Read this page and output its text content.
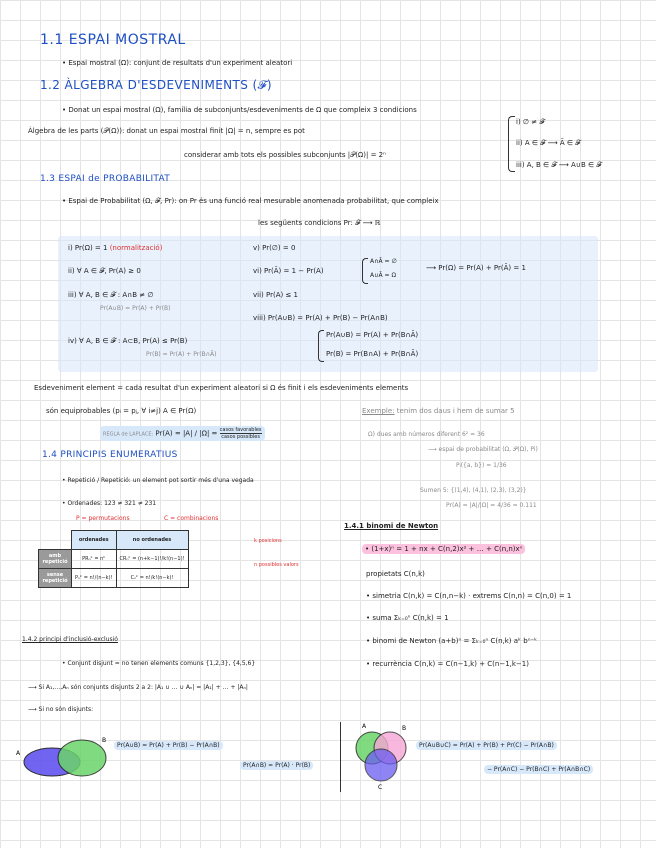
1.1 ESPAI MOSTRAL
• Espai mostral (Ω): conjunt de resultats d'un experiment aleatori
1.2 ÀLGEBRA D'ESDEVENIMENTS (𝓕)
• Donat un espai mostral (Ω), família de subconjunts/esdeveniments de Ω que compleix 3 condicions
Àlgebra de les parts (𝒫(Ω)): donat un espai mostral finit |Ω| = n, sempre es pot
considerar amb tots els possibles subconjunts |𝒫(Ω)| = 2ⁿ
i) ∅ ≠ 𝓕
ii) A ∈ 𝓕 ⟶ Ā ∈ 𝓕
iii) A, B ∈ 𝓕 ⟶ A∪B ∈ 𝓕
1.3 ESPAI de PROBABILITAT
• Espai de Probabilitat (Ω, 𝓕, Pr): on Pr és una funció real mesurable anomenada probabilitat, que compleix
les següents condicions Pr: 𝓕 ⟶ ℝ
i) Pr(Ω) = 1 (normalització)
ii) ∀ A ∈ 𝓕, Pr(A) ≥ 0
iii) ∀ A, B ∈ 𝓕 : A∩B ≠ ∅
Pr(A∪B) = Pr(A) + Pr(B)
iv) ∀ A, B ∈ 𝓕 : A⊂B, Pr(A) ≤ Pr(B)
Pr(B) = Pr(A) + Pr(B∩Ā)
v) Pr(∅) = 0
vi) Pr(Ā) = 1 − Pr(A)
A∩Ā = ∅
A∪Ā = Ω
⟶ Pr(Ω) = Pr(A) + Pr(Ā) = 1
vii) Pr(A) ≤ 1
viii) Pr(A∪B) = Pr(A) + Pr(B) − Pr(A∩B)
Pr(A∪B) = Pr(A) + Pr(B∩Ā)
Pr(B) = Pr(B∩A) + Pr(B∩Ā)
Esdeveniment element = cada resultat d'un experiment aleatori si Ω és finit i els esdeveniments elements
són equiprobables (pᵢ = pⱼ, ∀ i≠j) A ∈ Pr(Ω)
REGLA de LAPLACE: Pr(A) = |A| / |Ω| = casos favorables
casos possibles
Exemple: tenim dos daus i hem de sumar 5
Ω) dues amb números diferent 6² = 36
⟶ espai de probabilitat (Ω, 𝒫(Ω), Pi)
Pᵢ({a, b}) = 1/36
Sumen 5: {(1,4), (4,1), (2,3), (3,2)}
Pr(A) = |A|/|Ω| = 4/36 = 0.111
1.4 PRINCIPIS ENUMERATIUS
• Repetició / Repetició: un element pot sortir més d'una vegada
• Ordenades: 123 ≠ 321 ≠ 231
P = permutacions	C = combinacions
	ordenades	no ordenades
amb repetició	PRₙᵏ = nᵏ	CRₙᵏ = (n+k−1)!/k!(n−1)!
sense repetició	Pₙᵏ = n!/(n−k)!	Cₙᵏ = n!/k!(n−k)!
k posicions
n possibles valors
1.4.1 binomi de Newton
• (1+x)ⁿ = 1 + nx + C(n,2)x² + … + C(n,n)xⁿ
propietats C(n,k)
• simetria C(n,k) = C(n,n−k) · extrems C(n,n) = C(n,0) = 1
• suma Σₖ₌₀ⁿ C(n,k) = 1
• binomi de Newton (a+b)ⁿ = Σₖ₌₀ⁿ C(n,k) aᵏ bⁿ⁻ᵏ
• recurrència C(n,k) = C(n−1,k) + C(n−1,k−1)
1.4.2 principi d'inclusió-exclusió
• Conjunt disjunt = no tenen elements comuns {1,2,3}, {4,5,6}
⟶ Si A₁,…,Aₙ són conjunts disjunts 2 a 2: |A₁ ∪ … ∪ Aₙ| = |A₁| + … + |Aₙ|
⟶ Si no són disjunts:
A
B
Pr(A∪B) = Pr(A) + Pr(B) − Pr(A∩B)
Pr(A∩B) = Pr(A) · Pr(B)
A	B
C
Pr(A∪B∪C) = Pr(A) + Pr(B) + Pr(C) − Pr(A∩B)
− Pr(A∩C) − Pr(B∩C) + Pr(A∩B∩C)
